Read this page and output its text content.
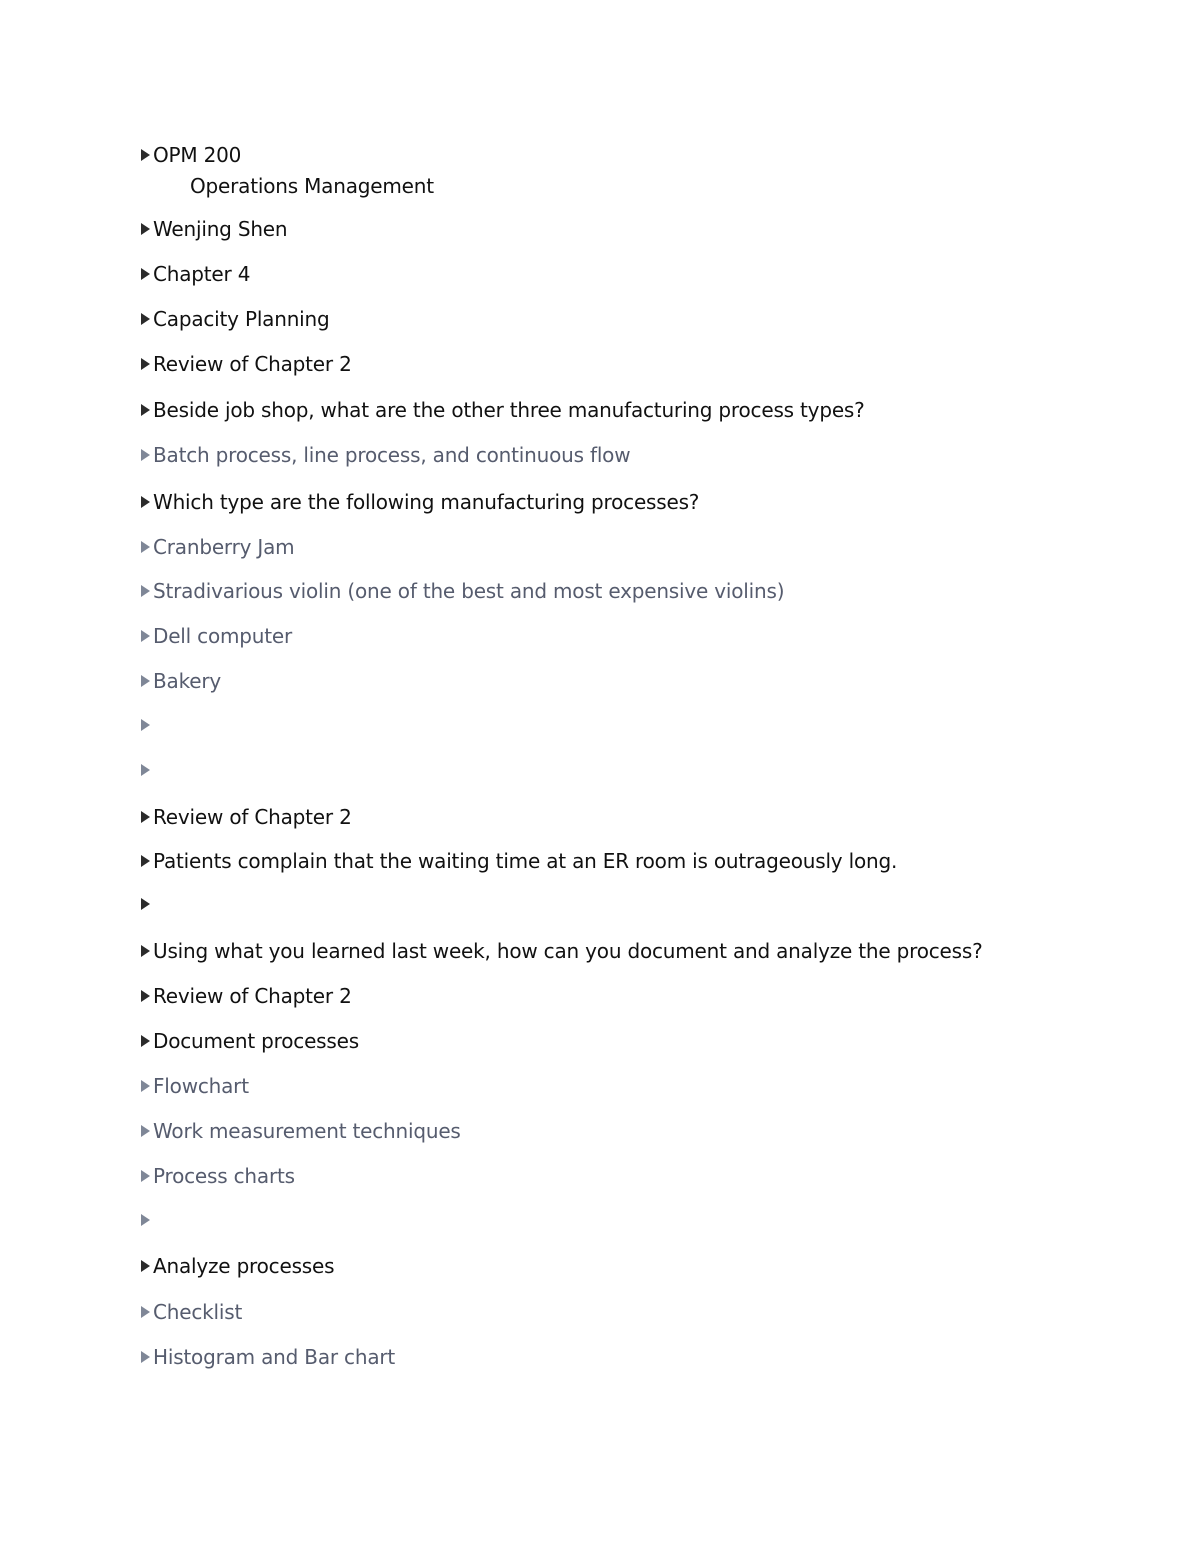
OPM 200
Operations Management
Wenjing Shen
Chapter 4
Capacity Planning
Review of Chapter 2
Beside job shop, what are the other three manufacturing process types?
Batch process, line process, and continuous flow
Which type are the following manufacturing processes?
Cranberry Jam
Stradivarious violin (one of the best and most expensive violins)
Dell computer
Bakery
Review of Chapter 2
Patients complain that the waiting time at an ER room is outrageously long.
Using what you learned last week, how can you document and analyze the process?
Review of Chapter 2
Document processes
Flowchart
Work measurement techniques
Process charts
Analyze processes
Checklist
Histogram and Bar chart
